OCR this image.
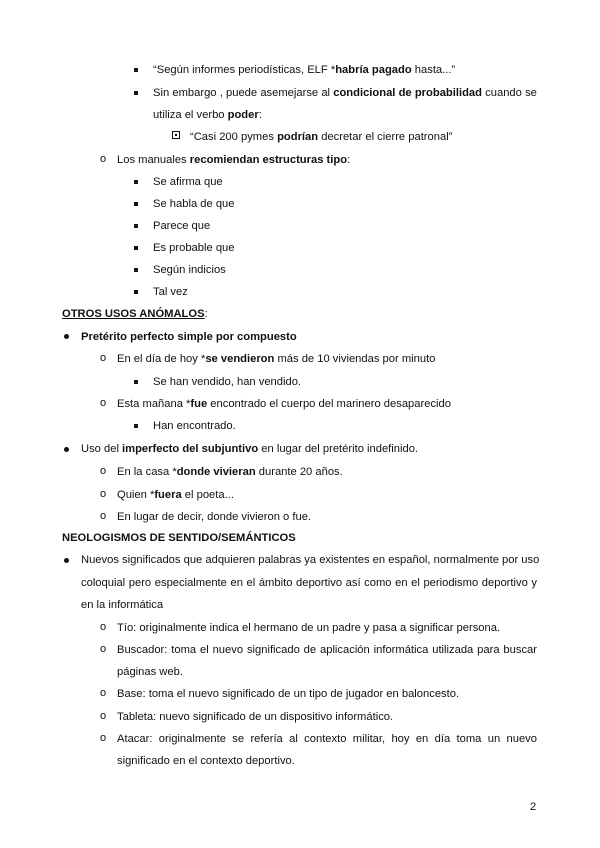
“Según informes periodísticas, ELF *habría pagado hasta...”
Sin embargo , puede asemejarse al condicional de probabilidad cuando se
utiliza el verbo poder:
“Casi 200 pymes podrían decretar el cierre patronal”
o Los manuales recomiendan estructuras tipo:
Se afirma que
Se habla de que
Parece que
Es probable que
Según indicios
Tal vez
OTROS USOS ANÓMALOS:
Pretérito perfecto simple por compuesto
o En el día de hoy *se vendieron más de 10 viviendas por minuto
Se han vendido, han vendido.
o Esta mañana *fue encontrado el cuerpo del marinero desaparecido
Han encontrado.
Uso del imperfecto del subjuntivo en lugar del pretérito indefinido.
o En la casa *donde vivieran durante 20 años.
o Quien *fuera el poeta...
o En lugar de decir, donde vivieron o fue.
NEOLOGISMOS DE SENTIDO/SEMÁNTICOS
Nuevos significados que adquieren palabras ya existentes en español, normalmente por uso
coloquial pero especialmente en el ámbito deportivo así como en el periodismo deportivo y
en la informática
o Tío: originalmente indica el hermano de un padre y pasa a significar persona.
o Buscador: toma el nuevo significado de aplicación informática utilizada para buscar
páginas web.
o Base: toma el nuevo significado de un tipo de jugador en baloncesto.
o Tableta: nuevo significado de un dispositivo informático.
o Atacar: originalmente se refería al contexto militar, hoy en día toma un nuevo
significado en el contexto deportivo.
2
